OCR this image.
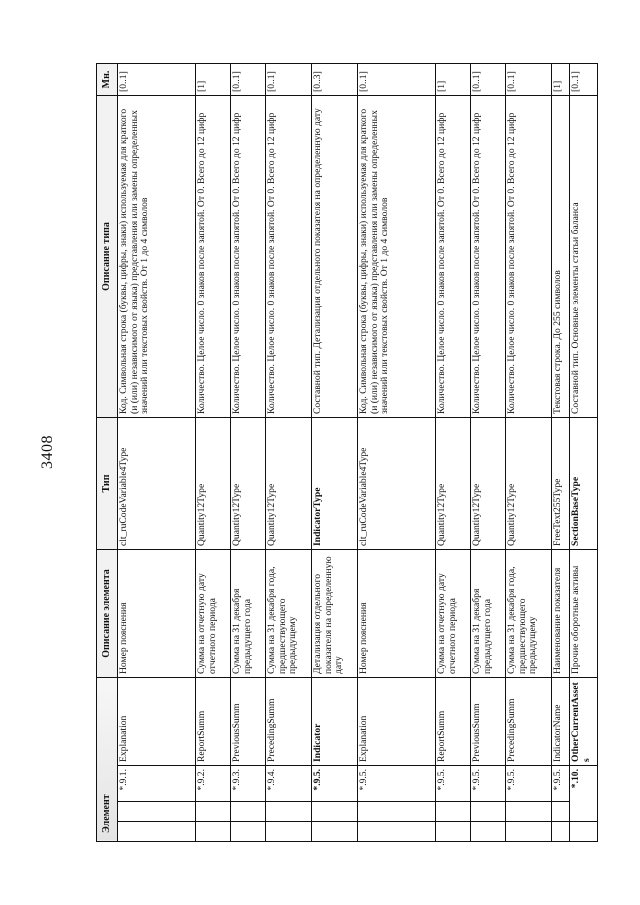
3408
Элемент				Описание элемента	Тип	Описание типа	Мн.
		*.9.1.	Explanation	Номер пояснения	clt_ruCodeVariable4Type	Код. Символьная строка (буквы, цифры, знаки) используемая для краткого (и (или) независимого от языка) представления или замены определенных значений или текстовых свойств. От 1 до 4 символов	[0..1]
		*.9.2.	ReportSumm	Сумма на отчетную дату отчетного периода	Quantity12Type	Количество. Целое число. 0 знаков после запятой. От 0. Всего до 12 цифр	[1]
		*.9.3.	PreviousSumm	Сумма на 31 декабря предыдущего года	Quantity12Type	Количество. Целое число. 0 знаков после запятой. От 0. Всего до 12 цифр	[0..1]
		*.9.4.	PrecedingSumm	Сумма на 31 декабря года, предшествующего предыдущему	Quantity12Type	Количество. Целое число. 0 знаков после запятой. От 0. Всего до 12 цифр	[0..1]
		*.9.5.	Indicator	Детализация отдельного показателя на определенную дату	IndicatorType	Составной тип. Детализация отдельного показателя на определенную дату	[0..3]
		*.9.5.	Explanation	Номер пояснения	clt_ruCodeVariable4Type	Код. Символьная строка (буквы, цифры, знаки) используемая для краткого (и (или) независимого от языка) представления или замены определенных значений или текстовых свойств. От 1 до 4 символов	[0..1]
		*.9.5.	ReportSumm	Сумма на отчетную дату отчетного периода	Quantity12Type	Количество. Целое число. 0 знаков после запятой. От 0. Всего до 12 цифр	[1]
		*.9.5.	PreviousSumm	Сумма на 31 декабря предыдущего года	Quantity12Type	Количество. Целое число. 0 знаков после запятой. От 0. Всего до 12 цифр	[0..1]
		*.9.5.	PrecedingSumm	Сумма на 31 декабря года, предшествующего предыдущему	Quantity12Type	Количество. Целое число. 0 знаков после запятой. От 0. Всего до 12 цифр	[0..1]
		*.9.5.	IndicatorName	Наименование показателя	FreeText255Type	Текстовая строка. До 255 символов	[1]
	*.10.		OtherCurrentAssets	Прочие оборотные активы	SectionBaseType	Составной тип. Основные элементы статьи баланса	[0..1]
